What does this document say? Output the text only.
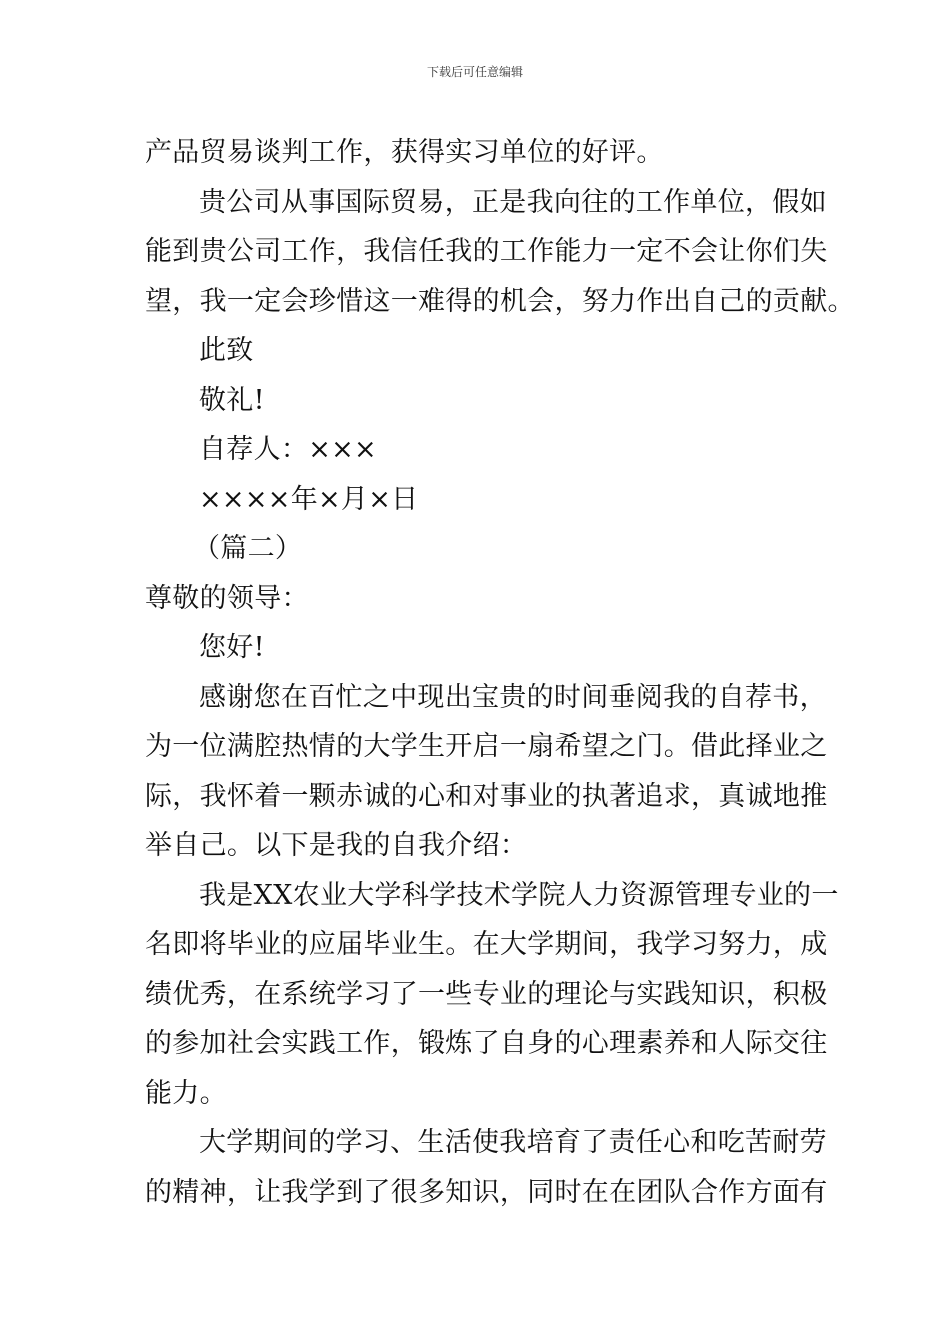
下载后可任意编辑
产品贸易谈判工作，获得实习单位的好评。
贵公司从事国际贸易，正是我向往的工作单位，假如
能到贵公司工作，我信任我的工作能力一定不会让你们失
望，我一定会珍惜这一难得的机会，努力作出自己的贡献。
此致
敬礼!
自荐人：×××
××××年×月×日
（篇二）
尊敬的领导：
您好!
感谢您在百忙之中现出宝贵的时间垂阅我的自荐书，
为一位满腔热情的大学生开启一扇希望之门。借此择业之
际，我怀着一颗赤诚的心和对事业的执著追求，真诚地推
举自己。以下是我的自我介绍：
我是XX农业大学科学技术学院人力资源管理专业的一
名即将毕业的应届毕业生。在大学期间，我学习努力，成
绩优秀，在系统学习了一些专业的理论与实践知识，积极
的参加社会实践工作，锻炼了自身的心理素养和人际交往
能力。
大学期间的学习、生活使我培育了责任心和吃苦耐劳
的精神，让我学到了很多知识，同时在在团队合作方面有
